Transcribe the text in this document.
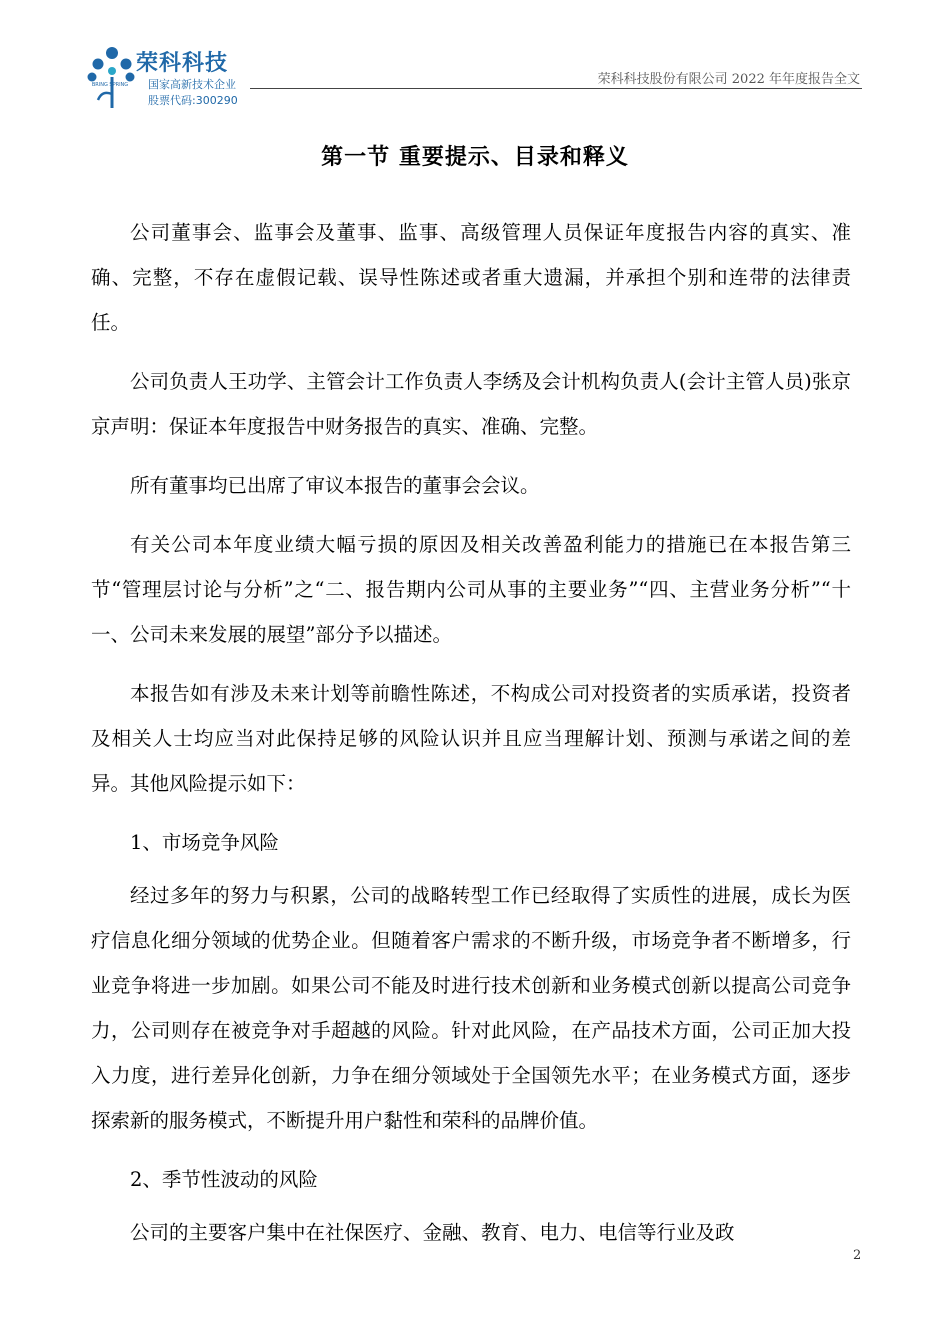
荣科科技
BRING SPRING	国家高新技术企业
股票代码:300290
荣科科技股份有限公司 2022 年年度报告全文
第一节 重要提示、目录和释义

公司董事会、监事会及董事、监事、高级管理人员保证年度报告内容的真实、准确、完整，不存在虚假记载、误导性陈述或者重大遗漏，并承担个别和连带的法律责任。

公司负责人王功学、主管会计工作负责人李绣及会计机构负责人(会计主管人员)张京京声明：保证本年度报告中财务报告的真实、准确、完整。

所有董事均已出席了审议本报告的董事会会议。

有关公司本年度业绩大幅亏损的原因及相关改善盈利能力的措施已在本报告第三节“管理层讨论与分析”之“二、报告期内公司从事的主要业务”“四、主营业务分析”“十一、公司未来发展的展望”部分予以描述。

本报告如有涉及未来计划等前瞻性陈述，不构成公司对投资者的实质承诺，投资者及相关人士均应当对此保持足够的风险认识并且应当理解计划、预测与承诺之间的差异。其他风险提示如下：

1、市场竞争风险

经过多年的努力与积累，公司的战略转型工作已经取得了实质性的进展，成长为医疗信息化细分领域的优势企业。但随着客户需求的不断升级，市场竞争者不断增多，行业竞争将进一步加剧。如果公司不能及时进行技术创新和业务模式创新以提高公司竞争力，公司则存在被竞争对手超越的风险。针对此风险，在产品技术方面，公司正加大投入力度，进行差异化创新，力争在细分领域处于全国领先水平；在业务模式方面，逐步探索新的服务模式，不断提升用户黏性和荣科的品牌价值。

2、季节性波动的风险

公司的主要客户集中在社保医疗、金融、教育、电力、电信等行业及政

2
